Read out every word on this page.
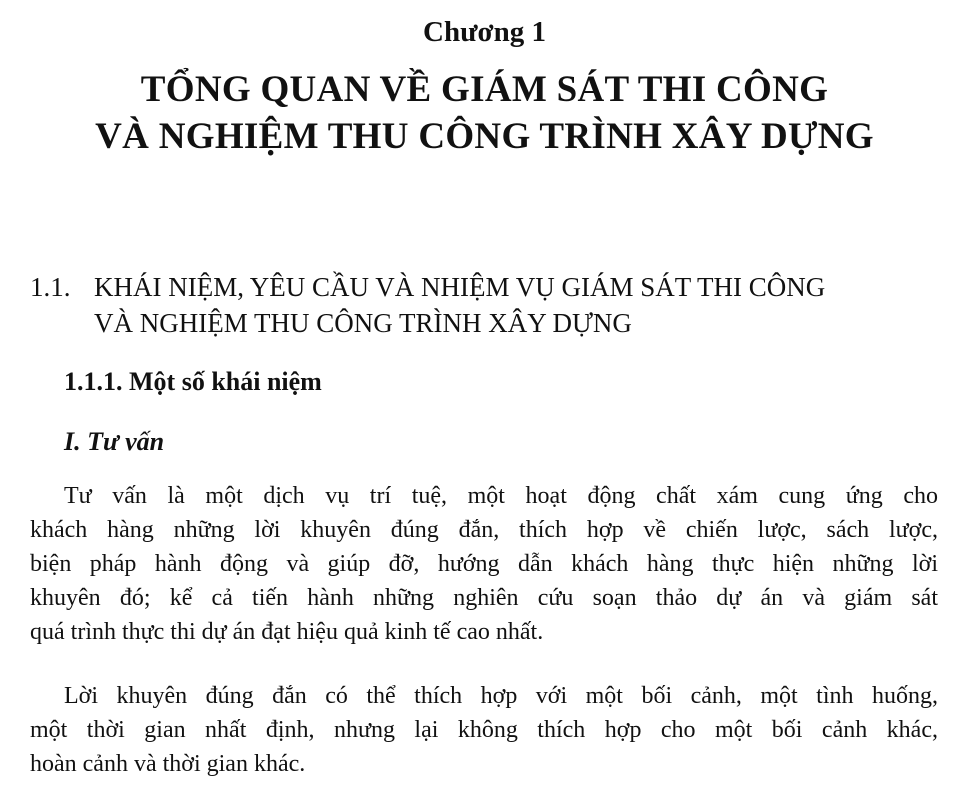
Chương 1
TỔNG QUAN VỀ GIÁM SÁT THI CÔNG
VÀ NGHIỆM THU CÔNG TRÌNH XÂY DỰNG
1.1. KHÁI NIỆM, YÊU CẦU VÀ NHIỆM VỤ GIÁM SÁT THI CÔNG
VÀ NGHIỆM THU CÔNG TRÌNH XÂY DỰNG
1.1.1. Một số khái niệm
I. Tư vấn
Tư vấn là một dịch vụ trí tuệ, một hoạt động chất xám cung ứng cho
khách hàng những lời khuyên đúng đắn, thích hợp về chiến lược, sách lược,
biện pháp hành động và giúp đỡ, hướng dẫn khách hàng thực hiện những lời
khuyên đó; kể cả tiến hành những nghiên cứu soạn thảo dự án và giám sát
quá trình thực thi dự án đạt hiệu quả kinh tế cao nhất.
Lời khuyên đúng đắn có thể thích hợp với một bối cảnh, một tình huống,
một thời gian nhất định, nhưng lại không thích hợp cho một bối cảnh khác,
hoàn cảnh và thời gian khác.
